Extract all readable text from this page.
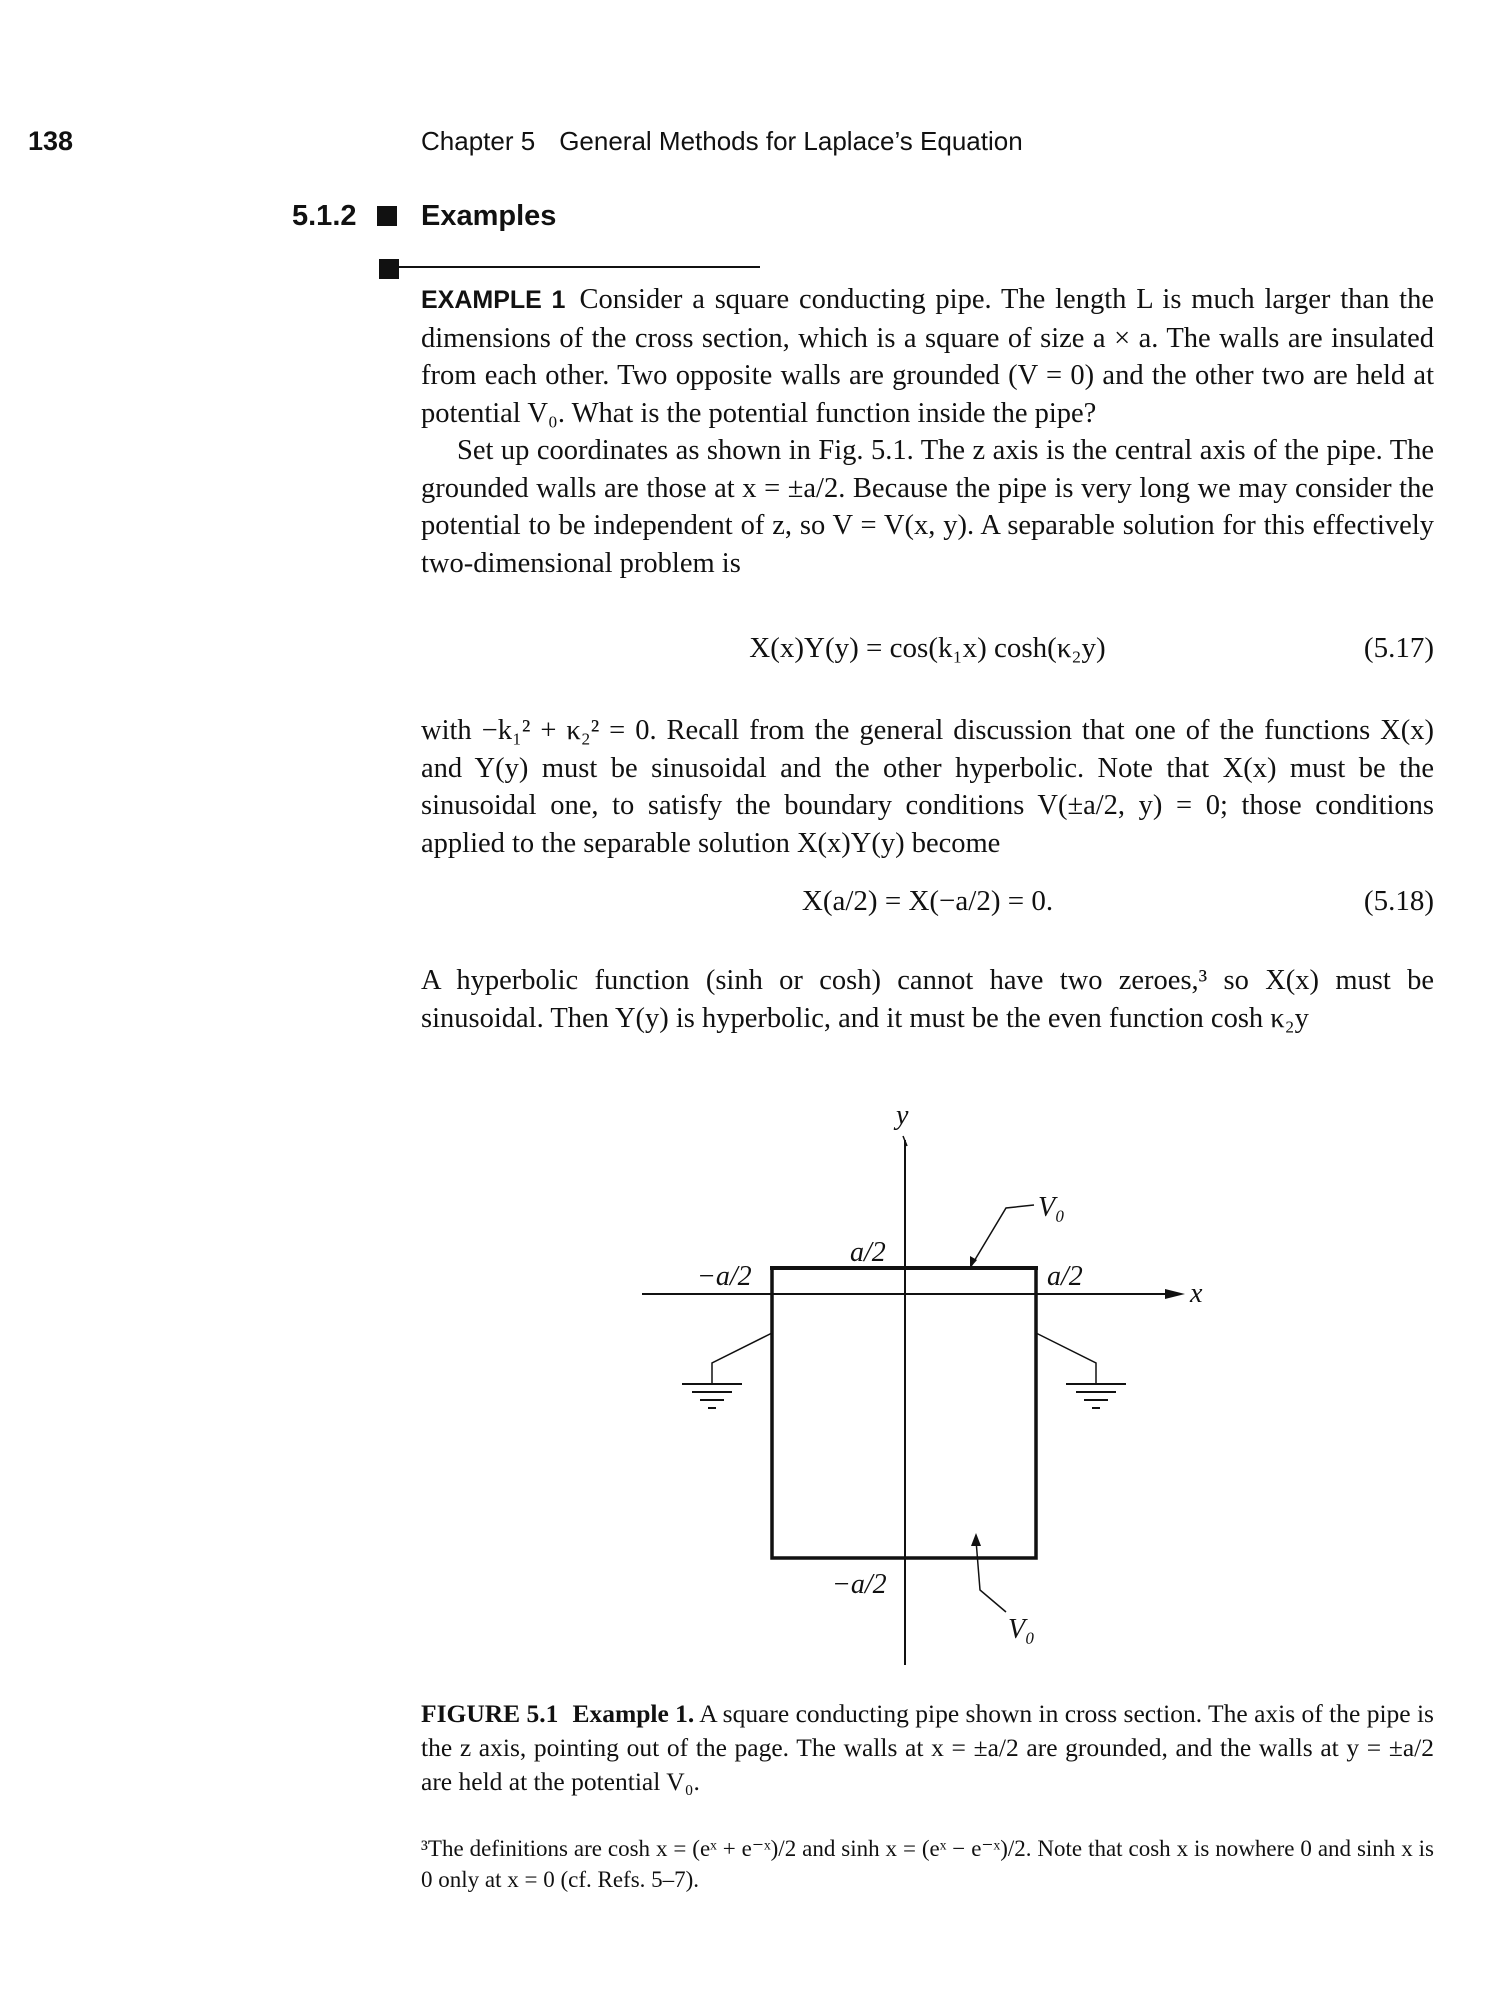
138	Chapter 5 General Methods for Laplace’s Equation
5.1.2 Examples

EXAMPLE 1 Consider a square conducting pipe. The length L is much larger than the dimensions of the cross section, which is a square of size a × a. The walls are insulated from each other. Two opposite walls are grounded (V = 0) and the other two are held at potential V₀. What is the potential function inside the pipe?

Set up coordinates as shown in Fig. 5.1. The z axis is the central axis of the pipe. The grounded walls are those at x = ±a/2. Because the pipe is very long we may consider the potential to be independent of z, so V = V(x, y). A separable solution for this effectively two-dimensional problem is

X(x)Y(y) = cos(k₁x) cosh(κ₂y)	(5.17)

with −k₁² + κ₂² = 0. Recall from the general discussion that one of the functions X(x) and Y(y) must be sinusoidal and the other hyperbolic. Note that X(x) must be the sinusoidal one, to satisfy the boundary conditions V(±a/2, y) = 0; those conditions applied to the separable solution X(x)Y(y) become

X(a/2) = X(−a/2) = 0.	(5.18)

A hyperbolic function (sinh or cosh) cannot have two zeroes,³ so X(x) must be sinusoidal. Then Y(y) is hyperbolic, and it must be the even function cosh κ₂y

y
x
a/2
−a/2
−a/2	a/2
V₀
V₀
FIGURE 5.1 Example 1. A square conducting pipe shown in cross section. The axis of the pipe is the z axis, pointing out of the page. The walls at x = ±a/2 are grounded, and the walls at y = ±a/2 are held at the potential V₀.
³The definitions are cosh x = (eˣ + e⁻ˣ)/2 and sinh x = (eˣ − e⁻ˣ)/2. Note that cosh x is nowhere 0 and sinh x is 0 only at x = 0 (cf. Refs. 5–7).
